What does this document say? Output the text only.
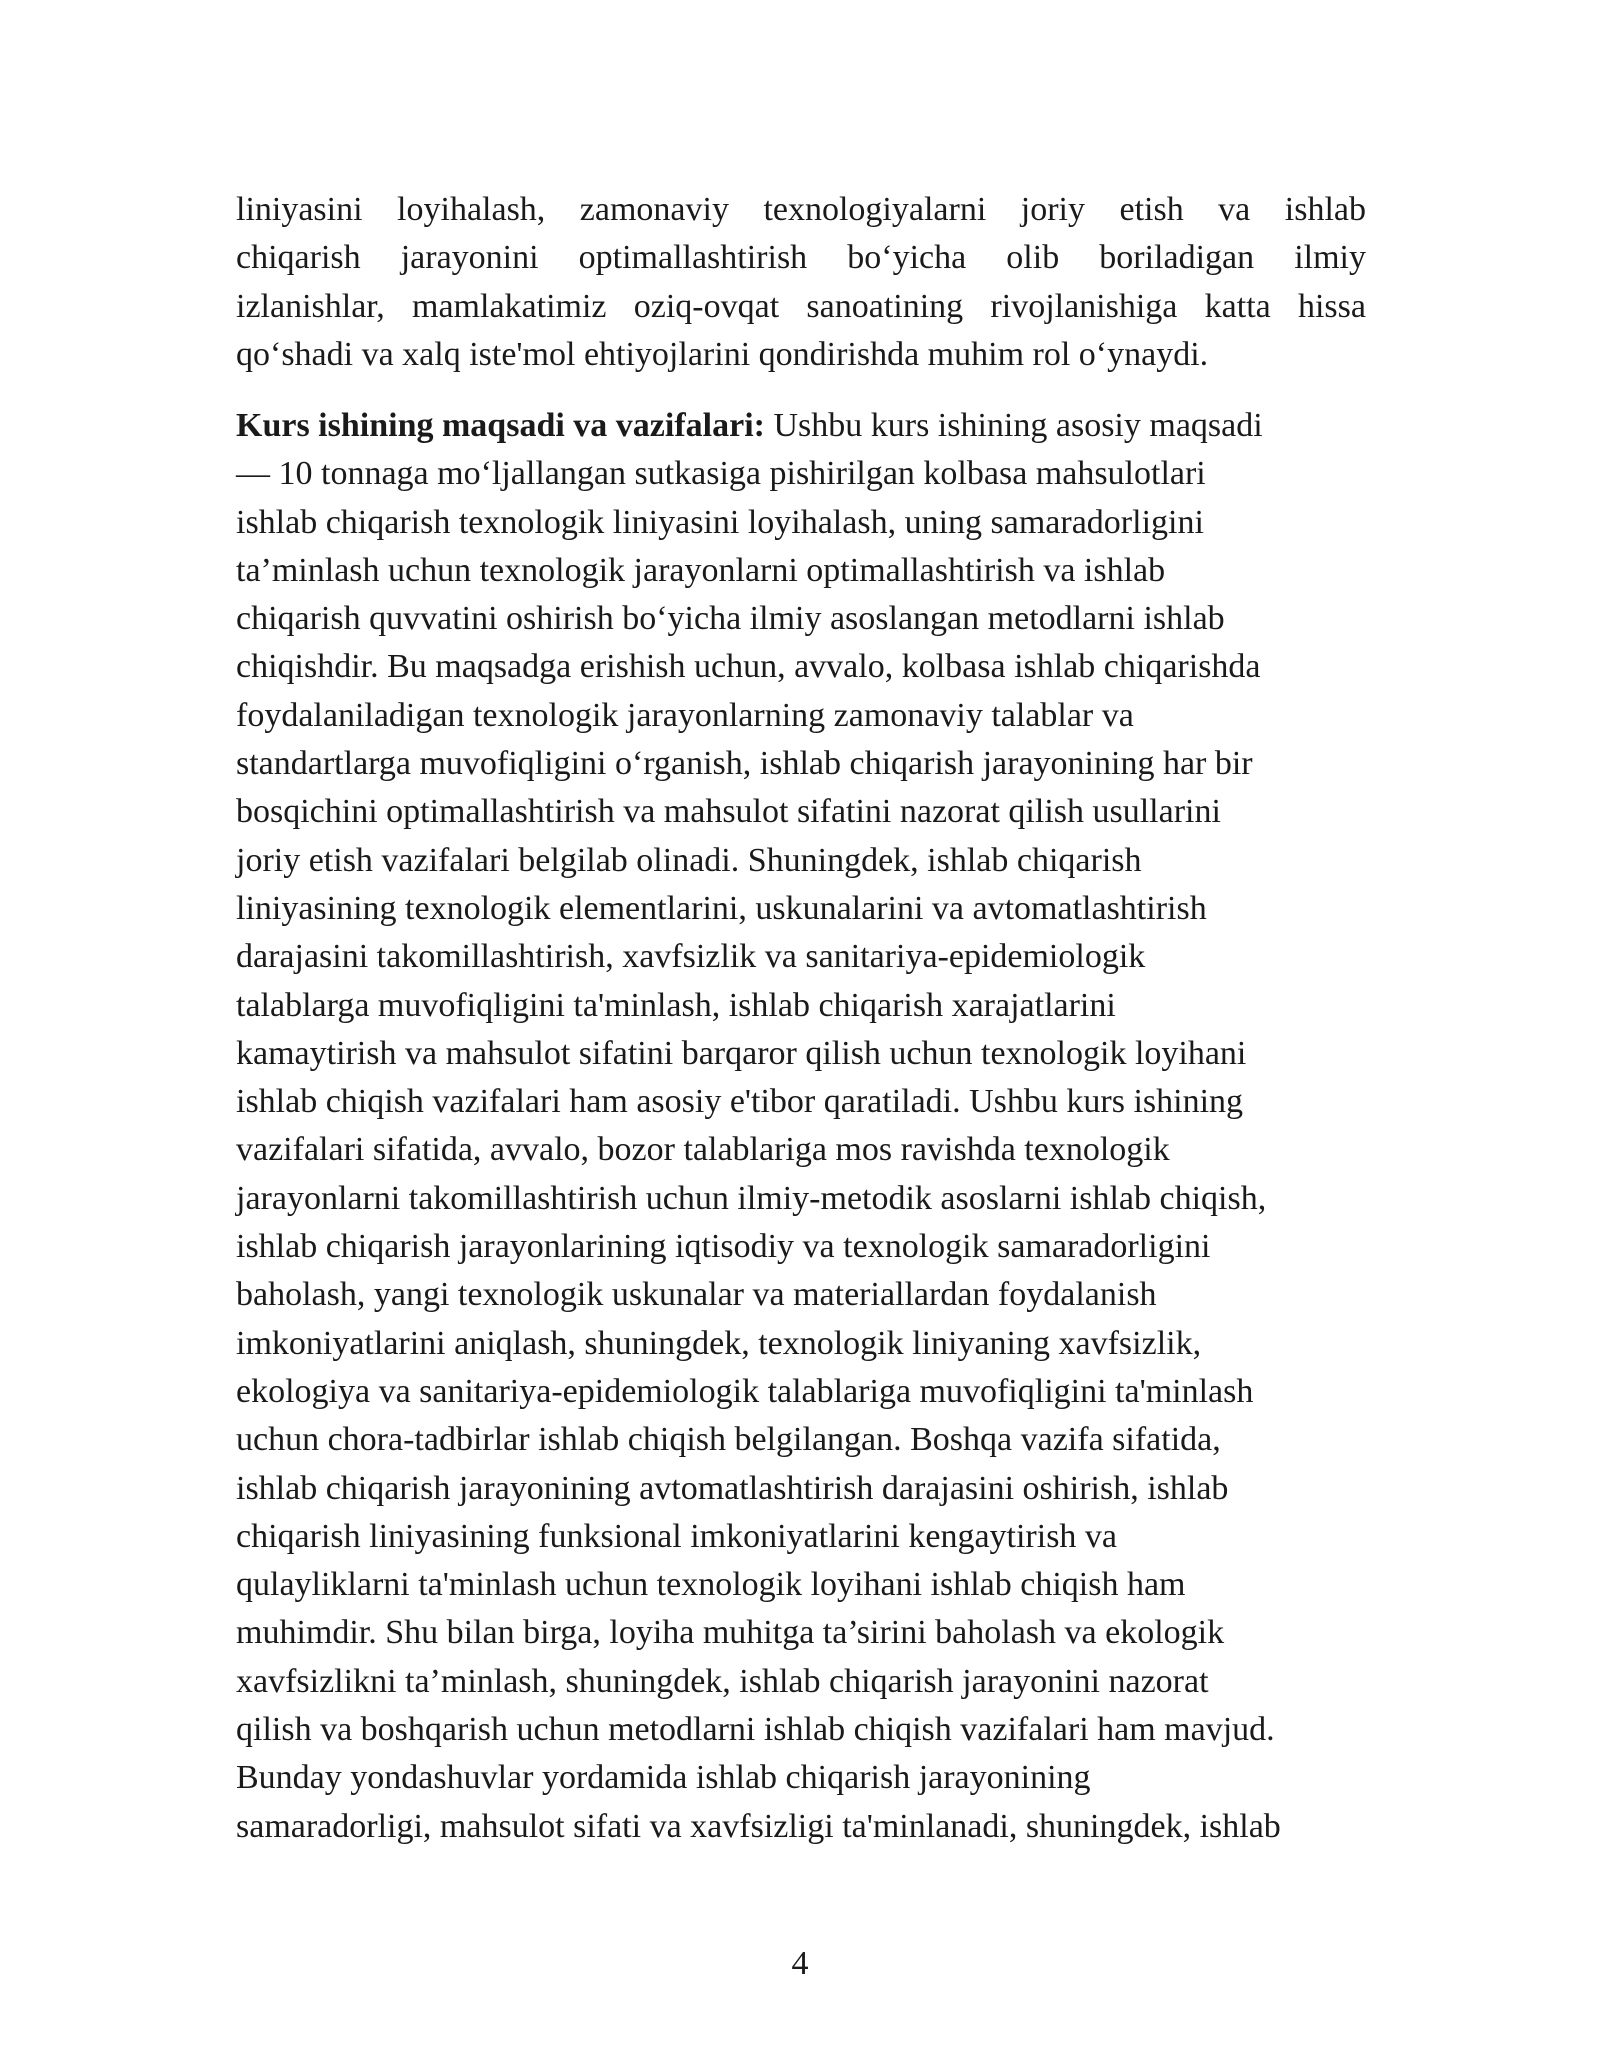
liniyasini loyihalash, zamonaviy texnologiyalarni joriy etish va ishlab
chiqarish jarayonini optimallashtirish bo‘yicha olib boriladigan ilmiy
izlanishlar, mamlakatimiz oziq-ovqat sanoatining rivojlanishiga katta hissa
qo‘shadi va xalq iste'mol ehtiyojlarini qondirishda muhim rol o‘ynaydi.
Kurs ishining maqsadi va vazifalari: Ushbu kurs ishining asosiy maqsadi
— 10 tonnaga mo‘ljallangan sutkasiga pishirilgan kolbasa mahsulotlari
ishlab chiqarish texnologik liniyasini loyihalash, uning samaradorligini
ta’minlash uchun texnologik jarayonlarni optimallashtirish va ishlab
chiqarish quvvatini oshirish bo‘yicha ilmiy asoslangan metodlarni ishlab
chiqishdir. Bu maqsadga erishish uchun, avvalo, kolbasa ishlab chiqarishda
foydalaniladigan texnologik jarayonlarning zamonaviy talablar va
standartlarga muvofiqligini o‘rganish, ishlab chiqarish jarayonining har bir
bosqichini optimallashtirish va mahsulot sifatini nazorat qilish usullarini
joriy etish vazifalari belgilab olinadi. Shuningdek, ishlab chiqarish
liniyasining texnologik elementlarini, uskunalarini va avtomatlashtirish
darajasini takomillashtirish, xavfsizlik va sanitariya-epidemiologik
talablarga muvofiqligini ta'minlash, ishlab chiqarish xarajatlarini
kamaytirish va mahsulot sifatini barqaror qilish uchun texnologik loyihani
ishlab chiqish vazifalari ham asosiy e'tibor qaratiladi. Ushbu kurs ishining
vazifalari sifatida, avvalo, bozor talablariga mos ravishda texnologik
jarayonlarni takomillashtirish uchun ilmiy-metodik asoslarni ishlab chiqish,
ishlab chiqarish jarayonlarining iqtisodiy va texnologik samaradorligini
baholash, yangi texnologik uskunalar va materiallardan foydalanish
imkoniyatlarini aniqlash, shuningdek, texnologik liniyaning xavfsizlik,
ekologiya va sanitariya-epidemiologik talablariga muvofiqligini ta'minlash
uchun chora-tadbirlar ishlab chiqish belgilangan. Boshqa vazifa sifatida,
ishlab chiqarish jarayonining avtomatlashtirish darajasini oshirish, ishlab
chiqarish liniyasining funksional imkoniyatlarini kengaytirish va
qulayliklarni ta'minlash uchun texnologik loyihani ishlab chiqish ham
muhimdir. Shu bilan birga, loyiha muhitga ta’sirini baholash va ekologik
xavfsizlikni ta’minlash, shuningdek, ishlab chiqarish jarayonini nazorat
qilish va boshqarish uchun metodlarni ishlab chiqish vazifalari ham mavjud.
Bunday yondashuvlar yordamida ishlab chiqarish jarayonining
samaradorligi, mahsulot sifati va xavfsizligi ta'minlanadi, shuningdek, ishlab
4
